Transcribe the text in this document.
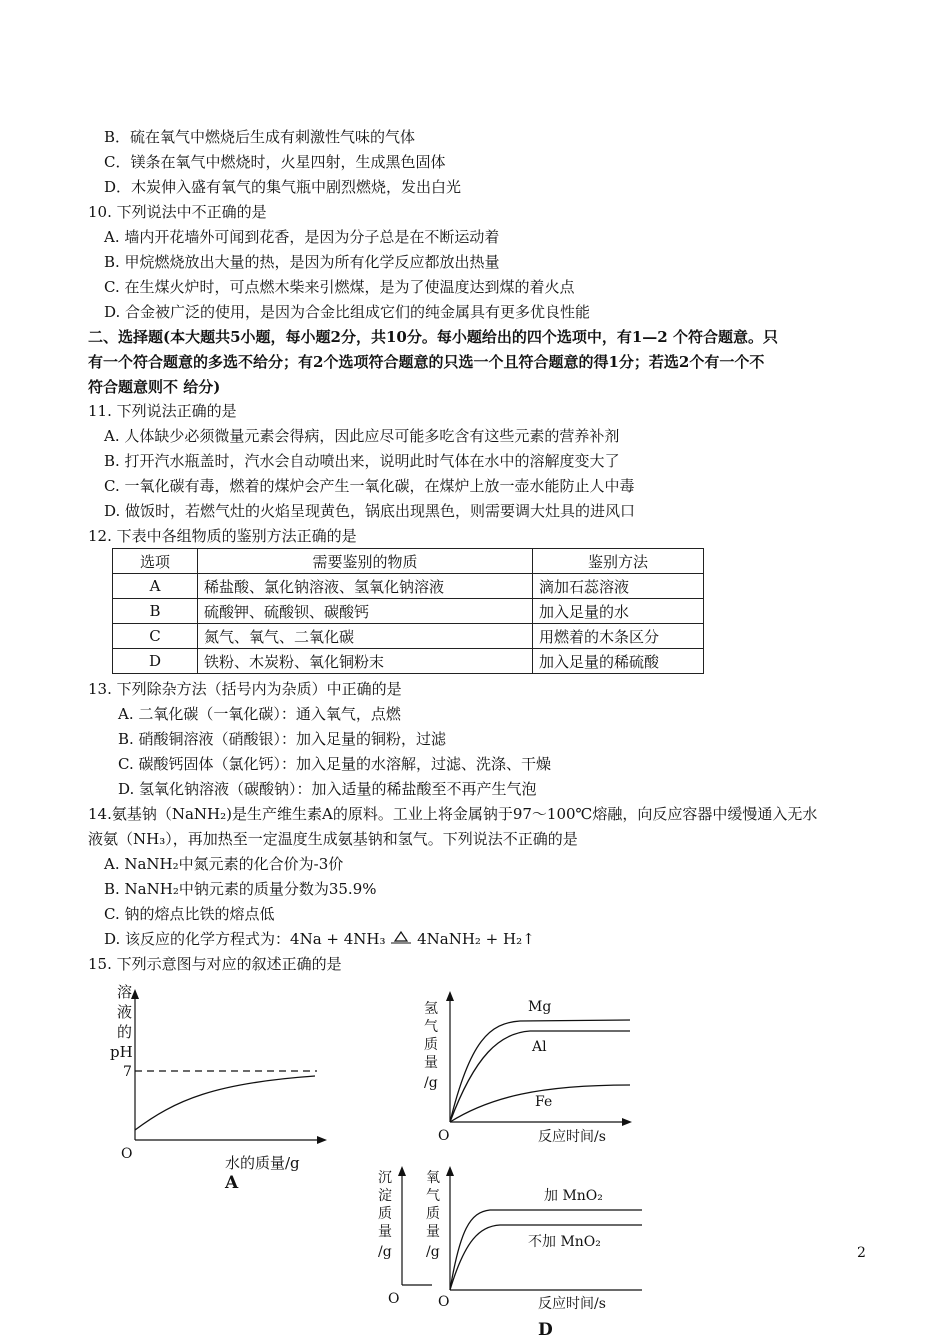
B．硫在氧气中燃烧后生成有刺激性气味的气体
C．镁条在氧气中燃烧时，火星四射，生成黑色固体
D．木炭伸入盛有氧气的集气瓶中剧烈燃烧，发出白光
10. 下列说法中不正确的是
A. 墙内开花墙外可闻到花香，是因为分子总是在不断运动着
B. 甲烷燃烧放出大量的热，是因为所有化学反应都放出热量
C. 在生煤火炉时，可点燃木柴来引燃煤，是为了使温度达到煤的着火点
D. 合金被广泛的使用，是因为合金比组成它们的纯金属具有更多优良性能
二、选择题(本大题共5小题，每小题2分，共10分。每小题给出的四个选项中，有1—2 个符合题意。只
有一个符合题意的多选不给分；有2个选项符合题意的只选一个且符合题意的得1分；若选2个有一个不
符合题意则不 给分)
11. 下列说法正确的是
A. 人体缺少必须微量元素会得病，因此应尽可能多吃含有这些元素的营养补剂
B. 打开汽水瓶盖时，汽水会自动喷出来，说明此时气体在水中的溶解度变大了
C. 一氧化碳有毒，燃着的煤炉会产生一氧化碳，在煤炉上放一壶水能防止人中毒
D. 做饭时，若燃气灶的火焰呈现黄色，锅底出现黑色，则需要调大灶具的进风口
12. 下表中各组物质的鉴别方法正确的是
选项	需要鉴别的物质	鉴别方法
A	稀盐酸、氯化钠溶液、氢氧化钠溶液	滴加石蕊溶液
B	硫酸钾、硫酸钡、碳酸钙	加入足量的水
C	氮气、氧气、二氧化碳	用燃着的木条区分
D	铁粉、木炭粉、氧化铜粉末	加入足量的稀硫酸
13. 下列除杂方法（括号内为杂质）中正确的是
A. 二氧化碳（一氧化碳）：通入氧气，点燃
B. 硝酸铜溶液（硝酸银）：加入足量的铜粉，过滤
C. 碳酸钙固体（氯化钙）：加入足量的水溶解，过滤、洗涤、干燥
D. 氢氧化钠溶液（碳酸钠）：加入适量的稀盐酸至不再产生气泡
14.氨基钠（NaNH₂)是生产维生素A的原料。工业上将金属钠于97～100℃熔融，向反应容器中缓慢通入无水
液氨（NH₃），再加热至一定温度生成氨基钠和氢气。下列说法不正确的是
A. NaNH₂中氮元素的化合价为-3价
B. NaNH₂中钠元素的质量分数为35.9%
C. 钠的熔点比铁的熔点低
D. 该反应的化学方程式为：4Na + 4NH₃ 4NaNH₂ + H₂↑
15. 下列示意图与对应的叙述正确的是
溶
液
的
pH
7
O	水的质量/g
A
氢
气
质
量
/g
Mg
Al
Fe
O	反应时间/s
沉
淀
质
量
/g
O
氧
气
质
量
/g
加 MnO₂
不加 MnO₂
O	反应时间/s
D
2
